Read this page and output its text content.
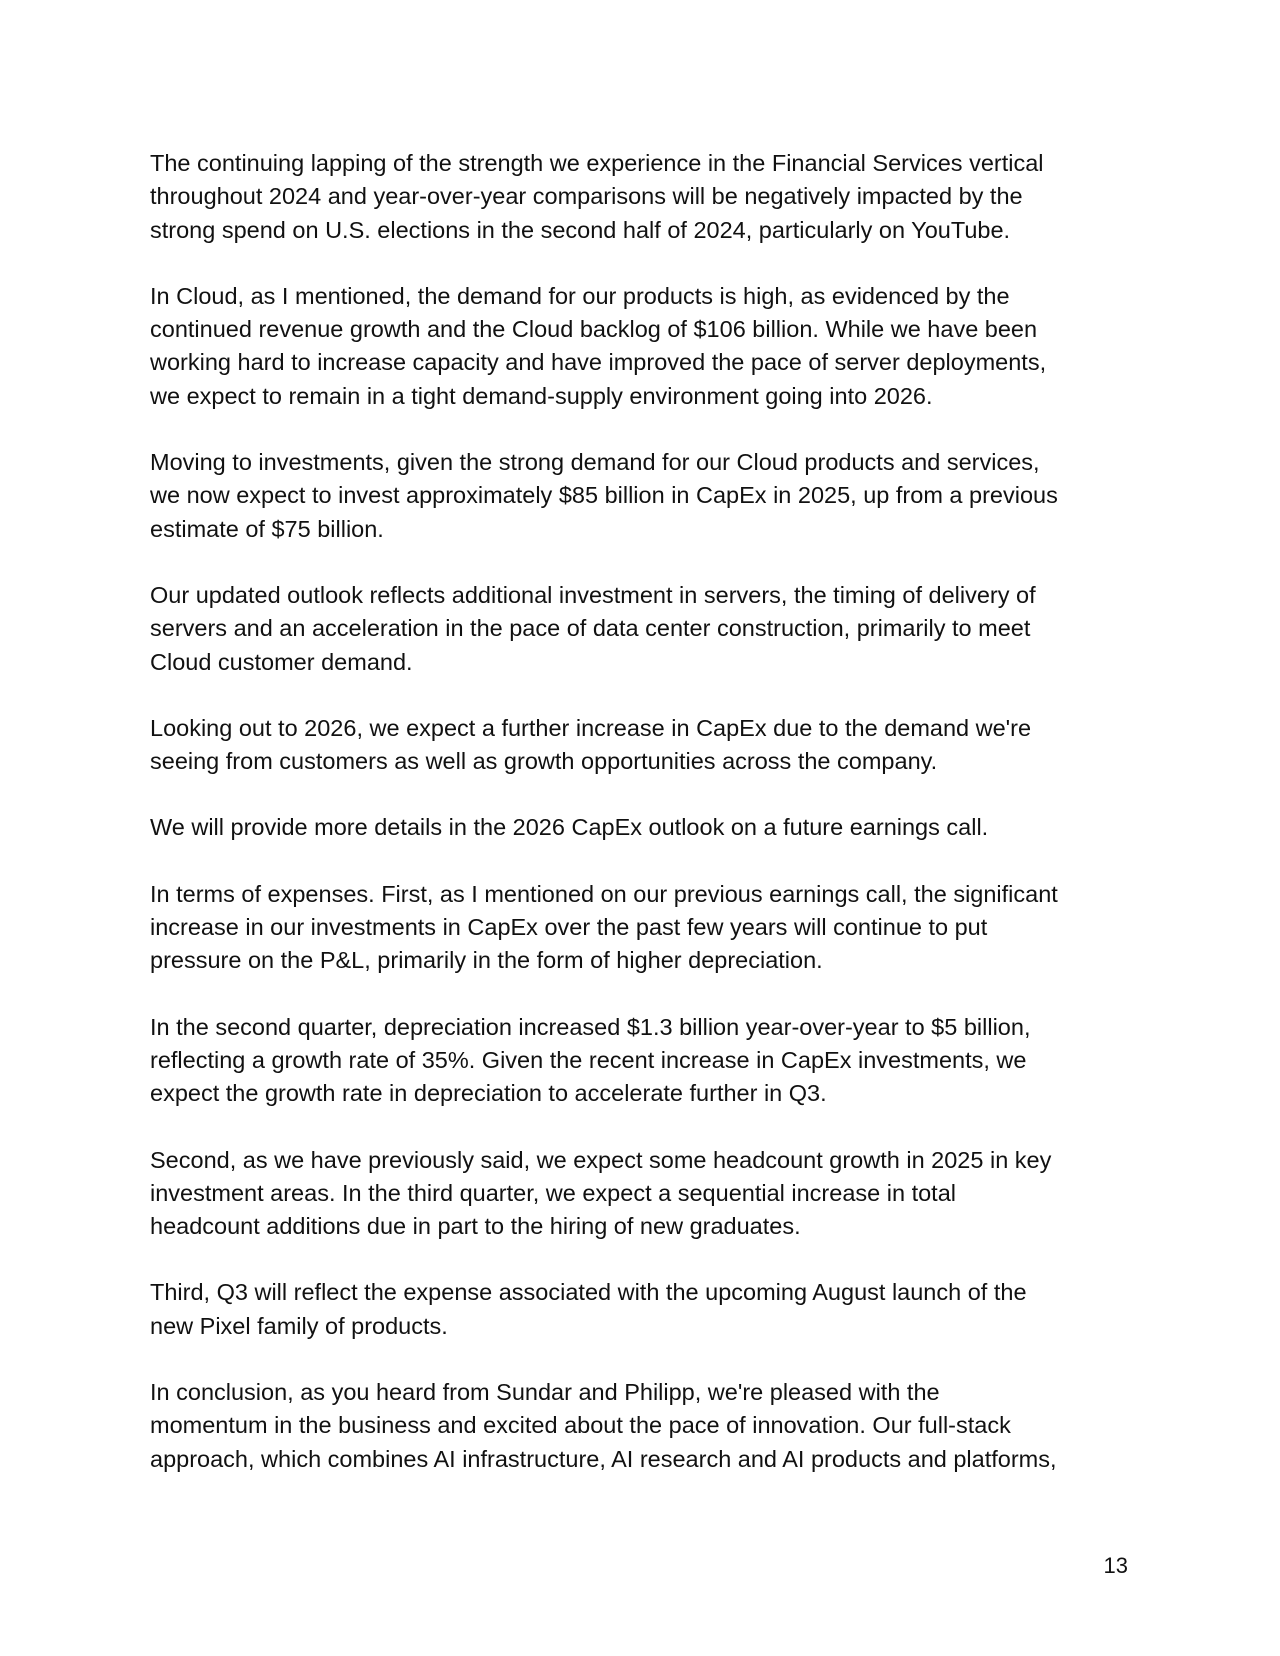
The continuing lapping of the strength we experience in the Financial Services vertical
throughout 2024 and year-over-year comparisons will be negatively impacted by the
strong spend on U.S. elections in the second half of 2024, particularly on YouTube.

In Cloud, as I mentioned, the demand for our products is high, as evidenced by the
continued revenue growth and the Cloud backlog of $106 billion. While we have been
working hard to increase capacity and have improved the pace of server deployments,
we expect to remain in a tight demand-supply environment going into 2026.

Moving to investments, given the strong demand for our Cloud products and services,
we now expect to invest approximately $85 billion in CapEx in 2025, up from a previous
estimate of $75 billion.

Our updated outlook reflects additional investment in servers, the timing of delivery of
servers and an acceleration in the pace of data center construction, primarily to meet
Cloud customer demand.

Looking out to 2026, we expect a further increase in CapEx due to the demand we're
seeing from customers as well as growth opportunities across the company.

We will provide more details in the 2026 CapEx outlook on a future earnings call.

In terms of expenses. First, as I mentioned on our previous earnings call, the significant
increase in our investments in CapEx over the past few years will continue to put
pressure on the P&L, primarily in the form of higher depreciation.

In the second quarter, depreciation increased $1.3 billion year-over-year to $5 billion,
reflecting a growth rate of 35%. Given the recent increase in CapEx investments, we
expect the growth rate in depreciation to accelerate further in Q3.

Second, as we have previously said, we expect some headcount growth in 2025 in key
investment areas. In the third quarter, we expect a sequential increase in total
headcount additions due in part to the hiring of new graduates.

Third, Q3 will reflect the expense associated with the upcoming August launch of the
new Pixel family of products.

In conclusion, as you heard from Sundar and Philipp, we're pleased with the
momentum in the business and excited about the pace of innovation. Our full-stack
approach, which combines AI infrastructure, AI research and AI products and platforms,

13
